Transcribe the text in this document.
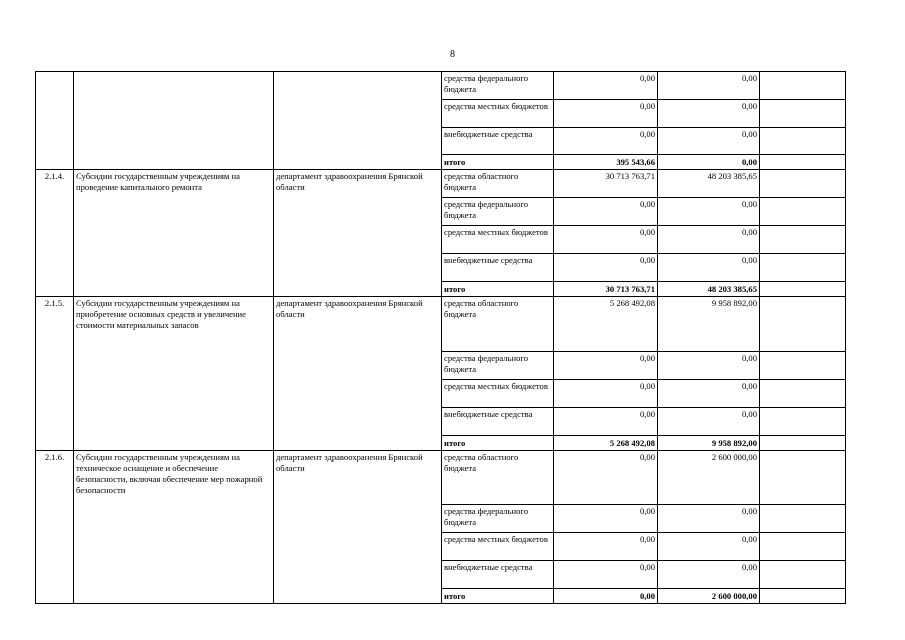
8
			средства федерального бюджета	0,00	0,00	
			средства местных бюджетов	0,00	0,00	
			внебюджетные средства	0,00	0,00	
			итого	395 543,66	0,00	
2.1.4.	Субсидии государственным учреждениям на проведение капитального ремонта	департамент здравоохранения Брянской области	средства областного бюджета	30 713 763,71	48 203 385,65	
			средства федерального бюджета	0,00	0,00	
			средства местных бюджетов	0,00	0,00	
			внебюджетные средства	0,00	0,00	
			итого	30 713 763,71	48 203 385,65	
2.1.5.	Субсидии государственным учреждениям на приобретение основных средств и увеличение стоимости материальных запасов	департамент здравоохранения Брянской области	средства областного бюджета	5 268 492,08	9 958 892,00	
			средства федерального бюджета	0,00	0,00	
			средства местных бюджетов	0,00	0,00	
			внебюджетные средства	0,00	0,00	
			итого	5 268 492,08	9 958 892,00	
2.1.6.	Субсидии государственным учреждениям на техническое оснащение и обеспечение безопасности, включая обеспечение мер пожарной безопасности	департамент здравоохранения Брянской области	средства областного бюджета	0,00	2 600 000,00	
			средства федерального бюджета	0,00	0,00	
			средства местных бюджетов	0,00	0,00	
			внебюджетные средства	0,00	0,00	
			итого	0,00	2 600 000,00	
